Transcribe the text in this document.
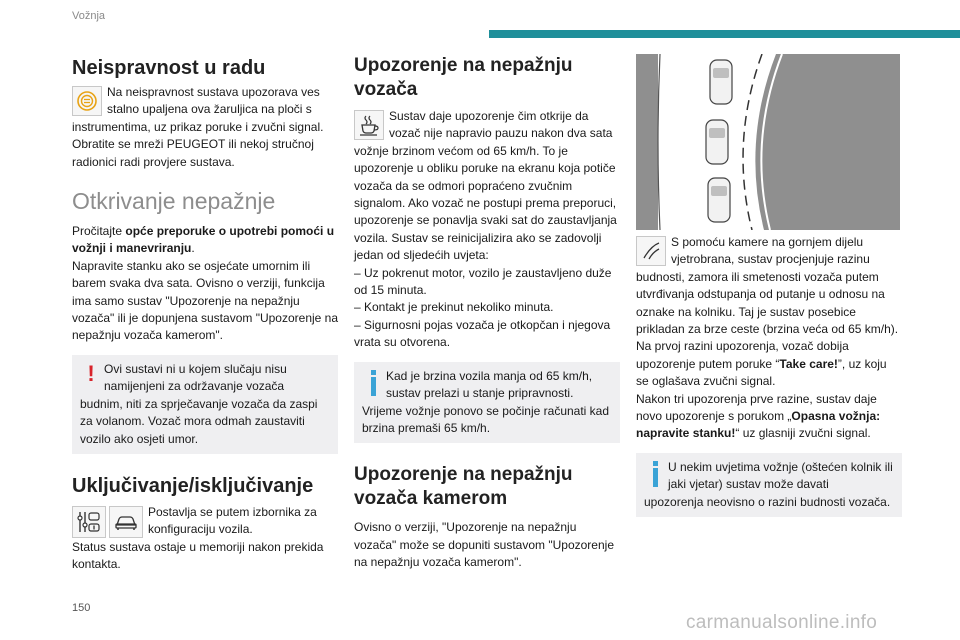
Vožnja
Neispravnost u radu

Na neispravnost sustava upozorava ves stalno upaljena ova žaruljica na ploči s

instrumentima, uz prikaz poruke i zvučni signal. Obratite se mreži PEUGEOT ili nekoj stručnoj radionici radi provjere sustava.

Otkrivanje nepažnje

Pročitajte opće preporuke o upotrebi pomoći u vožnji i manevriranju.

Napravite stanku ako se osjećate umornim ili barem svaka dva sata. Ovisno o verziji, funkcija ima samo sustav "Upozorenje na nepažnju vozača" ili je dopunjena sustavom "Upozorenje na nepažnju vozača kamerom".

! Ovi sustavi ni u kojem slučaju nisu namijenjeni za održavanje vozača

budnim, niti za sprječavanje vozača da zaspi za volanom. Vozač mora odmah zaustaviti vozilo ako osjeti umor.

Uključivanje/isključivanje

Postavlja se putem izbornika za konfiguraciju vozila.

Status sustava ostaje u memoriji nakon prekida kontakta.

Upozorenje na nepažnju vozača

Sustav daje upozorenje čim otkrije da vozač nije napravio pauzu nakon dva sata

vožnje brzinom većom od 65 km/h. To je upozorenje u obliku poruke na ekranu koja potiče vozača da se odmori popraćeno zvučnim signalom. Ako vozač ne postupi prema preporuci, upozorenje se ponavlja svaki sat do zaustavljanja vozila. Sustav se reinicijalizira ako se zadovolji jedan od sljedećih uvjeta:

– Uz pokrenut motor, vozilo je zaustavljeno duže od 15 minuta.

– Kontakt je prekinut nekoliko minuta.

– Sigurnosni pojas vozača je otkopčan i njegova vrata su otvorena.

Kad je brzina vozila manja od 65 km/h, sustav prelazi u stanje pripravnosti.

Vrijeme vožnje ponovo se počinje računati kad brzina premaši 65 km/h.

Upozorenje na nepažnju vozača kamerom

Ovisno o verziji, "Upozorenje na nepažnju vozača" može se dopuniti sustavom "Upozorenje na nepažnju vozača kamerom".

S pomoću kamere na gornjem dijelu vjetrobrana, sustav procjenjuje razinu

budnosti, zamora ili smetenosti vozača putem utvrđivanja odstupanja od putanje u odnosu na oznake na kolniku. Taj je sustav posebice prikladan za brze ceste (brzina veća od 65 km/h).

Na prvoj razini upozorenja, vozač dobija upozorenje putem poruke “Take care!”, uz koju se oglašava zvučni signal.

Nakon tri upozorenja prve razine, sustav daje novo upozorenje s porukom „Opasna vožnja: napravite stanku!“ uz glasniji zvučni signal.

U nekim uvjetima vožnje (oštećen kolnik ili jaki vjetar) sustav može davati

upozorenja neovisno o razini budnosti vozača.

150
carmanualsonline.info
